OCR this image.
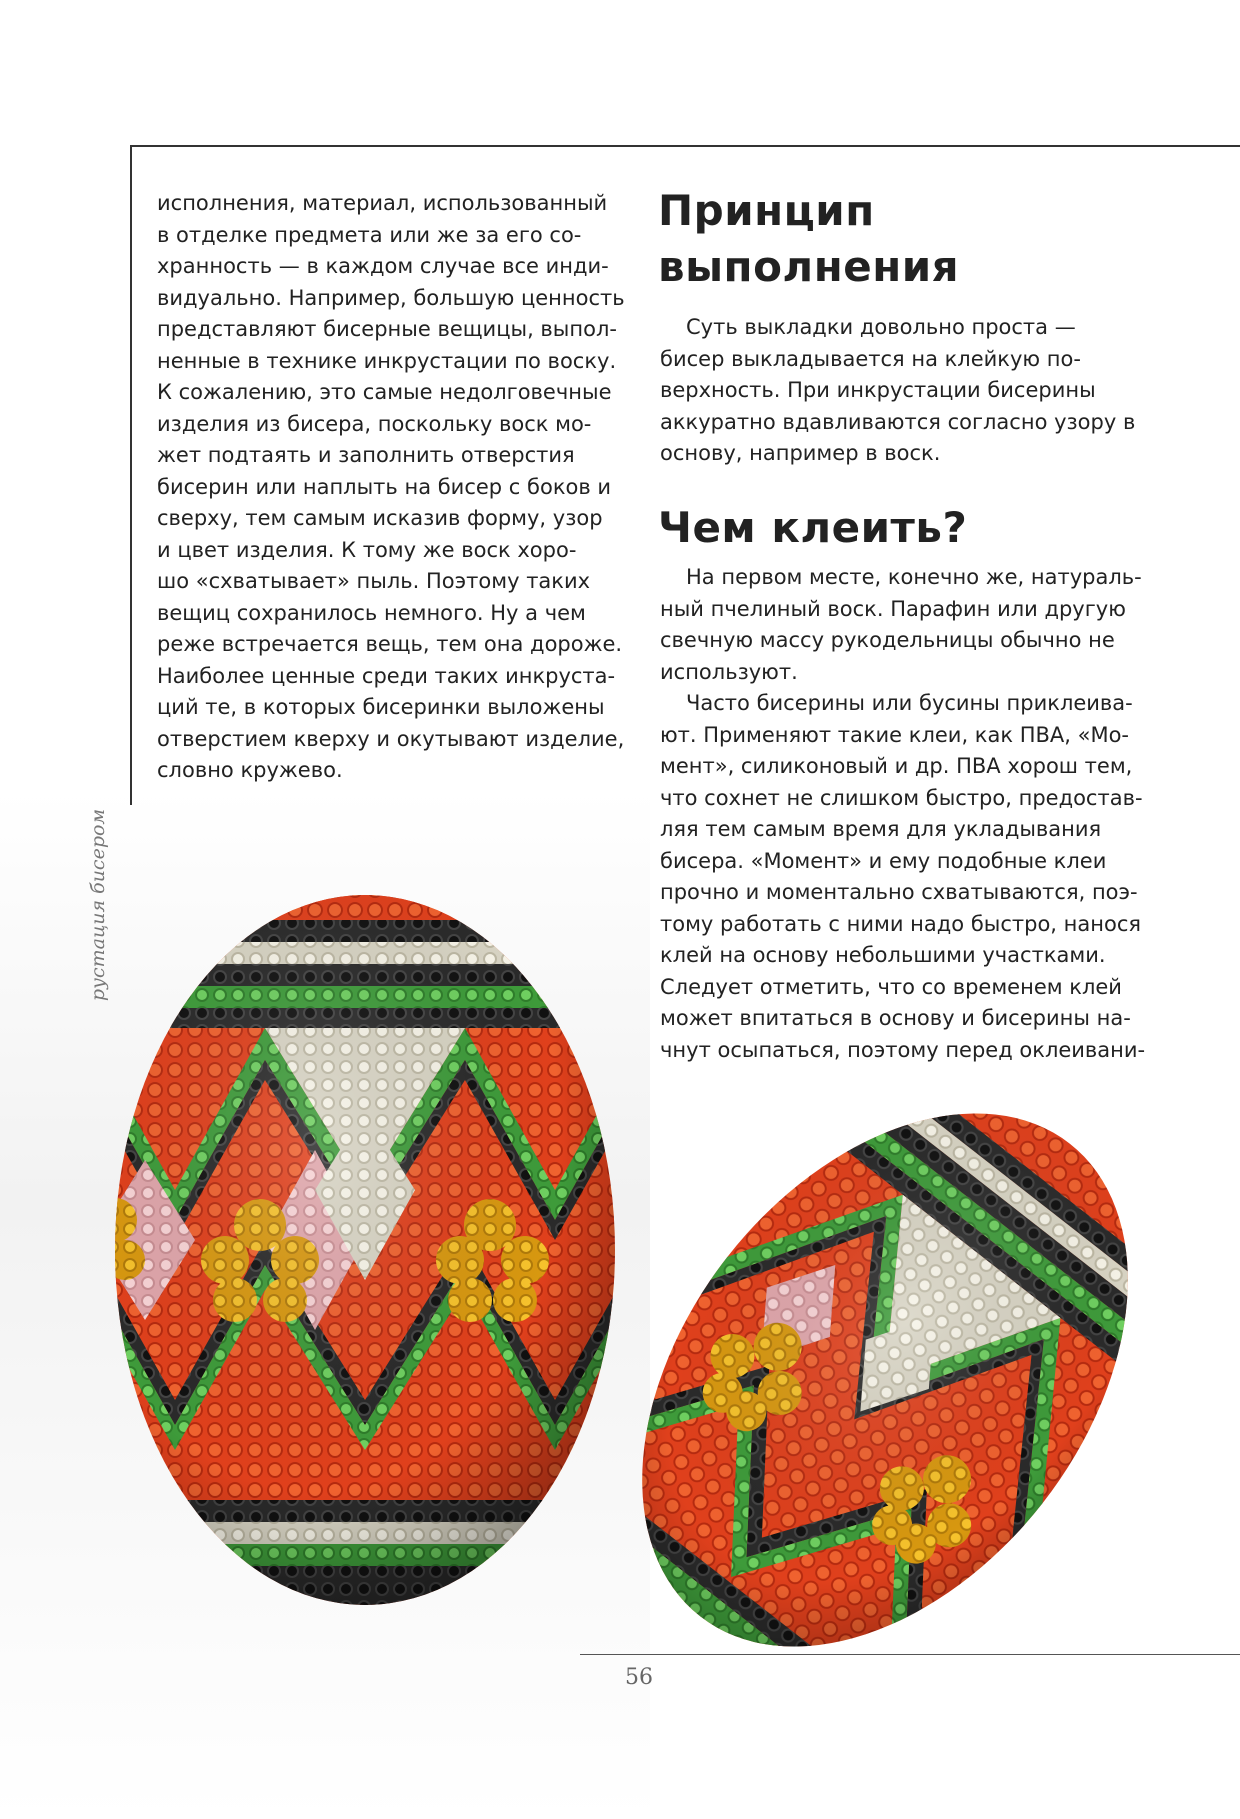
рустация бисером

исполнения, материал, использованный

в отделке предмета или же за его со-

хранность — в каждом случае все инди-

видуально. Например, большую ценность

представляют бисерные вещицы, выпол-

ненные в технике инкрустации по воску.

К сожалению, это самые недолговечные

изделия из бисера, поскольку воск мо-

жет подтаять и заполнить отверстия

бисерин или наплыть на бисер с боков и

сверху, тем самым исказив форму, узор

и цвет изделия. К тому же воск хоро-

шо «схватывает» пыль. Поэтому таких

вещиц сохранилось немного. Ну а чем

реже встречается вещь, тем она дороже.

Наиболее ценные среди таких инкруста-

ций те, в которых бисеринки выложены

отверстием кверху и окутывают изделие,

словно кружево.

Принцип
выполнения

Суть выкладки довольно проста —

бисер выкладывается на клейкую по-

верхность. При инкрустации бисерины

аккуратно вдавливаются согласно узору в

основу, например в воск.

Чем клеить?

На первом месте, конечно же, натураль-

ный пчелиный воск. Парафин или другую

свечную массу рукодельницы обычно не

используют.

Часто бисерины или бусины приклеива-

ют. Применяют такие клеи, как ПВА, «Мо-

мент», силиконовый и др. ПВА хорош тем,

что сохнет не слишком быстро, предостав-

ляя тем самым время для укладывания

бисера. «Момент» и ему подобные клеи

прочно и моментально схватываются, поэ-

тому работать с ними надо быстро, нанося

клей на основу небольшими участками.

Следует отметить, что со временем клей

может впитаться в основу и бисерины на-

чнут осыпаться, поэтому перед оклеивани-

56
